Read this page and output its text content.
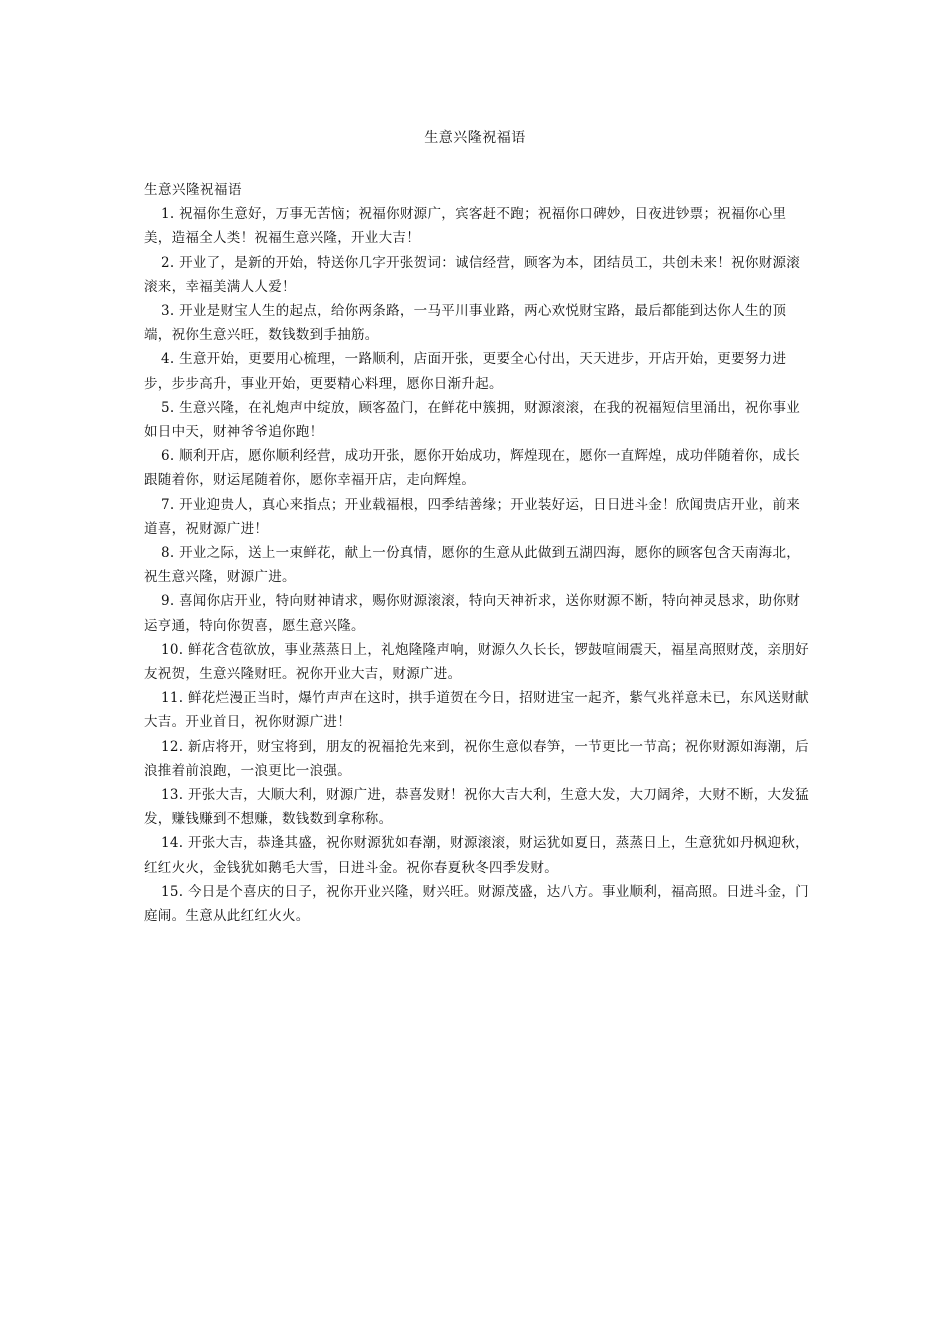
生意兴隆祝福语

生意兴隆祝福语

1. 祝福你生意好，万事无苦恼；祝福你财源广，宾客赶不跑；祝福你口碑妙，日夜进钞票；祝福你心里美，造福全人类！祝福生意兴隆，开业大吉！

2. 开业了，是新的开始，特送你几字开张贺词：诚信经营，顾客为本，团结员工，共创未来！祝你财源滚滚来，幸福美满人人爱！

3. 开业是财宝人生的起点，给你两条路，一马平川事业路，两心欢悦财宝路，最后都能到达你人生的顶端，祝你生意兴旺，数钱数到手抽筋。

4. 生意开始，更要用心梳理，一路顺利，店面开张，更要全心付出，天天进步，开店开始，更要努力进步，步步高升，事业开始，更要精心料理，愿你日渐升起。

5. 生意兴隆，在礼炮声中绽放，顾客盈门，在鲜花中簇拥，财源滚滚，在我的祝福短信里涌出，祝你事业如日中天，财神爷爷追你跑！

6. 顺利开店，愿你顺利经营，成功开张，愿你开始成功，辉煌现在，愿你一直辉煌，成功伴随着你，成长跟随着你，财运尾随着你，愿你幸福开店，走向辉煌。

7. 开业迎贵人，真心来指点；开业载福根，四季结善缘；开业装好运，日日进斗金！欣闻贵店开业，前来道喜，祝财源广进！

8. 开业之际，送上一束鲜花，献上一份真情，愿你的生意从此做到五湖四海，愿你的顾客包含天南海北，祝生意兴隆，财源广进。

9. 喜闻你店开业，特向财神请求，赐你财源滚滚，特向天神祈求，送你财源不断，特向神灵恳求，助你财运亨通，特向你贺喜，愿生意兴隆。

10. 鲜花含苞欲放，事业蒸蒸日上，礼炮隆隆声响，财源久久长长，锣鼓喧闹震天，福星高照财茂，亲朋好友祝贺，生意兴隆财旺。祝你开业大吉，财源广进。

11. 鲜花烂漫正当时，爆竹声声在这时，拱手道贺在今日，招财进宝一起齐，紫气兆祥意未已，东风送财献大吉。开业首日，祝你财源广进！

12. 新店将开，财宝将到，朋友的祝福抢先来到，祝你生意似春笋，一节更比一节高；祝你财源如海潮，后浪推着前浪跑，一浪更比一浪强。

13. 开张大吉，大顺大利，财源广进，恭喜发财！祝你大吉大利，生意大发，大刀阔斧，大财不断，大发猛发，赚钱赚到不想赚，数钱数到拿称称。

14. 开张大吉，恭逢其盛，祝你财源犹如春潮，财源滚滚，财运犹如夏日，蒸蒸日上，生意犹如丹枫迎秋，红红火火，金钱犹如鹅毛大雪，日进斗金。祝你春夏秋冬四季发财。

15. 今日是个喜庆的日子，祝你开业兴隆，财兴旺。财源茂盛，达八方。事业顺利，福高照。日进斗金，门庭闹。生意从此红红火火。
